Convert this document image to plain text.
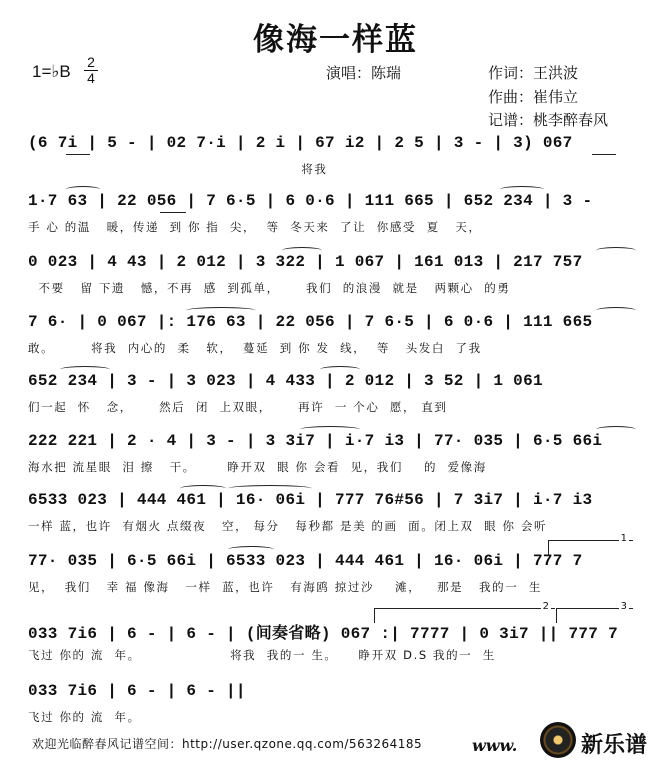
像海一样蓝
1=♭B 2
4	演唱：陈瑞	作词：王洪波
作曲：崔伟立
记谱：桃李醉春风
(6 7i | 5 - | 02 7·i | 2 i | 67 i2 | 2 5 | 3 - | 3) 067
将我
1·7 63 | 22 056 | 7 6·5 | 6 0·6 | 111 665 | 652 234 | 3 -
手 心 的温   暖，传递  到 你 指  尖，  等  冬天来  了让  你感受  夏   天，
0 023 | 4 43 | 2 012 | 3 322 | 1 067 | 161 013 | 217 757
不要   留 下遗   憾，不再  感  到孤单，     我们  的浪漫  就是   两颗心  的勇
7 6· | 0 067 |: 176 63 | 22 056 | 7 6·5 | 6 0·6 | 111 665
敢。       将我  内心的  柔   软，  蔓延  到 你 发  线，  等   头发白  了我
652 234 | 3 - | 3 023 | 4 433 | 2 012 | 3 52 | 1 061
们一起  怀   念，     然后  闭  上双眼，     再许  一 个心  愿， 直到
222 221 | 2 · 4 | 3 - | 3 3i7 | i·7 i3 | 77· 035 | 6·5 66i
海水把 流星眼  泪 擦   干。      睁开双  眼 你 会看  见，我们    的  爱像海
6533 023 | 444 461 | 16· 06i | 777 76#56 | 7 3i7 | i·7 i3
一样 蓝，也许  有烟火 点缀夜   空， 每分   每秒都 是美 的画  面。闭上双  眼 你 会听
77· 035 | 6·5 66i | 6533 023 | 444 461 | 16· 06i | 777 7
见，  我们   幸 福 像海   一样  蓝，也许   有海鸥 掠过沙    滩，   那是   我的一  生
1
033 7i6 | 6 - | 6 - | (间奏省略) 067 :| 7777 | 0 3i7 || 777 7
飞过 你的 流  年。                 将我  我的一 生。    睁开双 D.S 我的一  生
2	3
033 7i6 | 6 - | 6 - ||
飞过 你的 流  年。
欢迎光临醉春风记谱空间：http://user.qzone.qq.com/563264185	www.	新乐谱
